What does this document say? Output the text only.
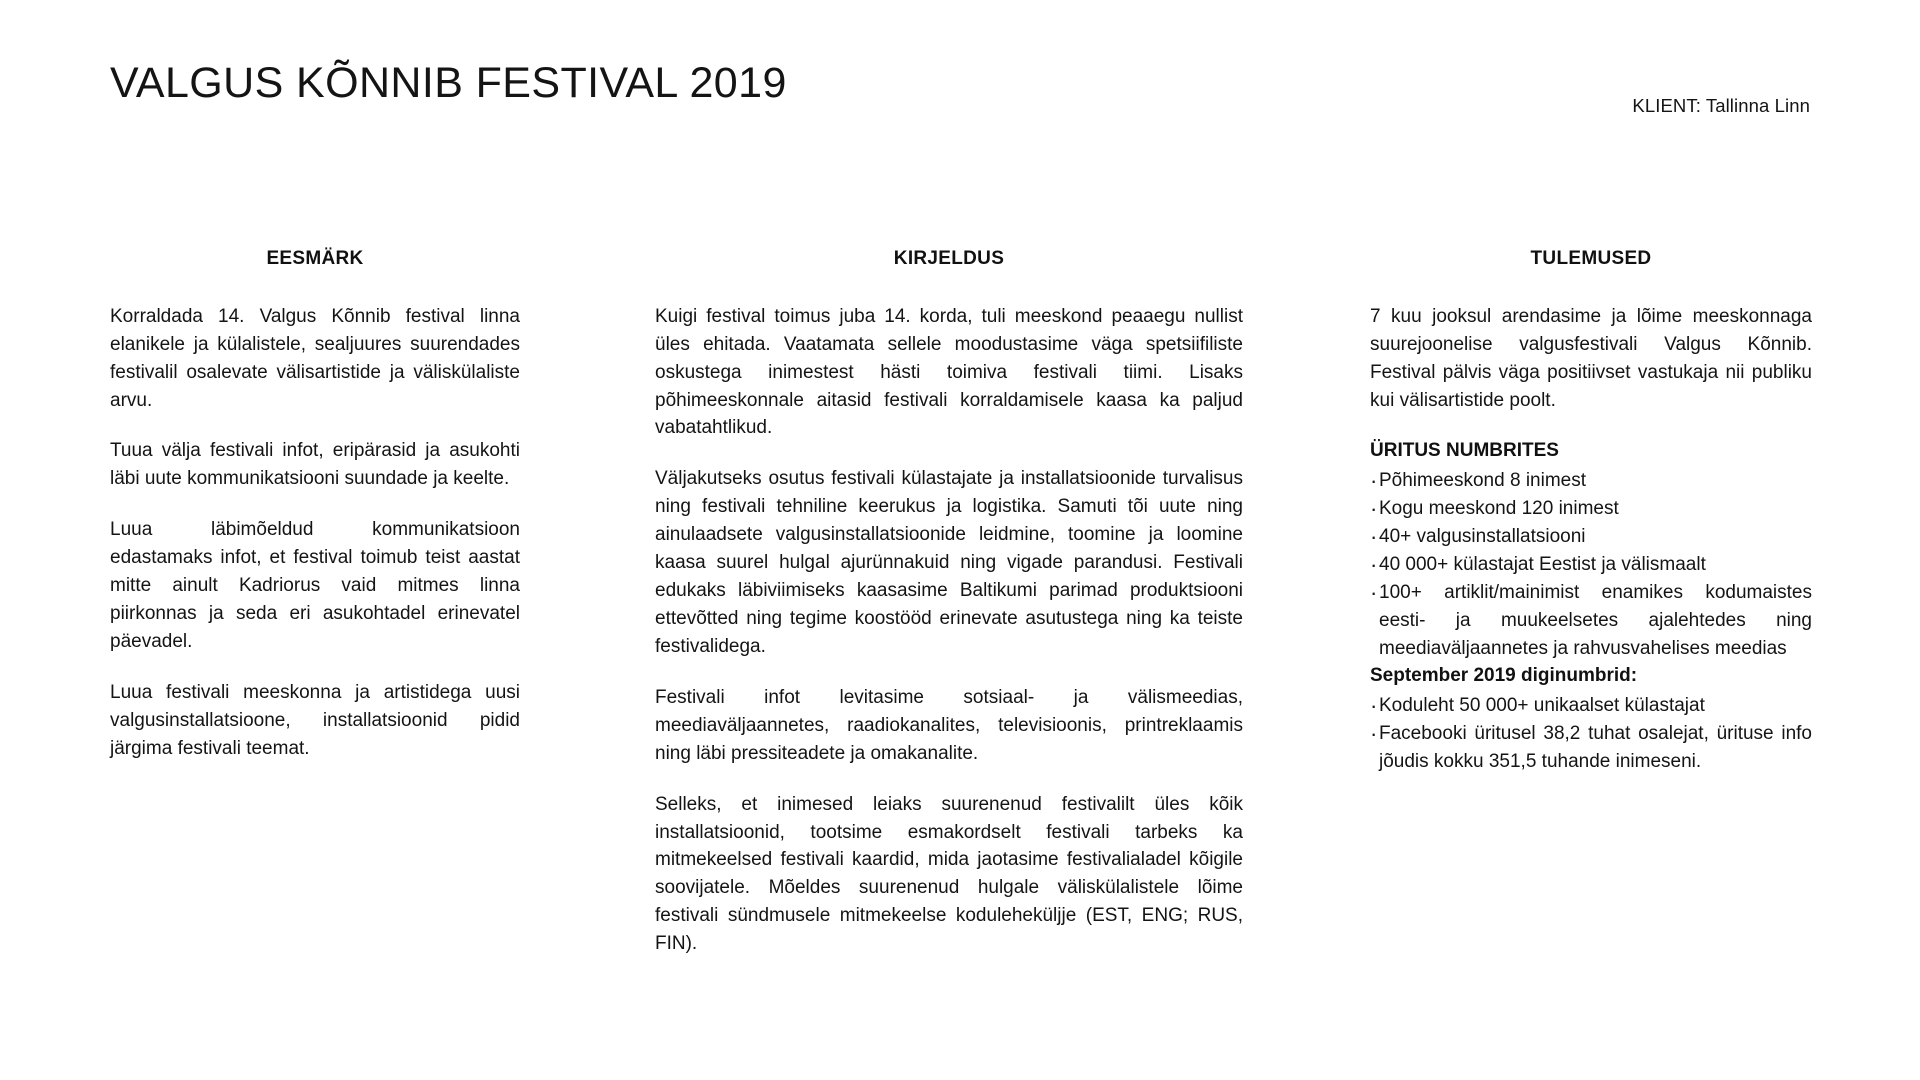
VALGUS KÕNNIB FESTIVAL 2019	KLIENT: Tallinna Linn
EESMÄRK

Korraldada 14. Valgus Kõnnib festival linna elanikele ja külalistele, sealjuures suurendades festivalil osalevate välisartistide ja väliskülaliste arvu.

Tuua välja festivali infot, eripärasid ja asukohti läbi uute kommunikatsiooni suundade ja keelte.

Luua läbimõeldud kommunikatsioon edastamaks infot, et festival toimub teist aastat mitte ainult Kadriorus vaid mitmes linna piirkonnas ja seda eri asukohtadel erinevatel päevadel.

Luua festivali meeskonna ja artistidega uusi valgusinstallatsioone, installatsioonid pidid järgima festivali teemat.

KIRJELDUS

Kuigi festival toimus juba 14. korda, tuli meeskond peaaegu nullist üles ehitada. Vaatamata sellele moodustasime väga spetsiifiliste oskustega inimestest hästi toimiva festivali tiimi. Lisaks põhimeeskonnale aitasid festivali korraldamisele kaasa ka paljud vabatahtlikud.

Väljakutseks osutus festivali külastajate ja installatsioonide turvalisus ning festivali tehniline keerukus ja logistika. Samuti tõi uute ning ainulaadsete valgusinstallatsioonide leidmine, toomine ja loomine kaasa suurel hulgal ajurünnakuid ning vigade parandusi. Festivali edukaks läbiviimiseks kaasasime Baltikumi parimad produktsiooni ettevõtted ning tegime koostööd erinevate asutustega ning ka teiste festivalidega.

Festivali infot levitasime sotsiaal- ja välismeedias, meediaväljaannetes, raadiokanalites, televisioonis, printreklaamis ning läbi pressiteadete ja omakanalite.

Selleks, et inimesed leiaks suurenenud festivalilt üles kõik installatsioonid, tootsime esmakordselt festivali tarbeks ka mitmekeelsed festivali kaardid, mida jaotasime festivalialadel kõigile soovijatele. Mõeldes suurenenud hulgale väliskülalistele lõime festivali sündmusele mitmekeelse koduleheküljje (EST, ENG; RUS, FIN).

TULEMUSED

7 kuu jooksul arendasime ja lõime meeskonnaga suurejoonelise valgusfestivali Valgus Kõnnib. Festival pälvis väga positiivset vastukaja nii publiku kui välisartistide poolt.

ÜRITUS NUMBRITES
· Põhimeeskond 8 inimest
· Kogu meeskond 120 inimest
· 40+ valgusinstallatsiooni
· 40 000+ külastajat Eestist ja välismaalt
· 100+ artiklit/mainimist enamikes kodumaistes eesti- ja muukeelsetes ajalehtedes ning meediaväljaannetes ja rahvusvahelises meedias
September 2019 diginumbrid:
· Koduleht 50 000+ unikaalset külastajat
· Facebooki üritusel 38,2 tuhat osalejat, ürituse info jõudis kokku 351,5 tuhande inimeseni.
